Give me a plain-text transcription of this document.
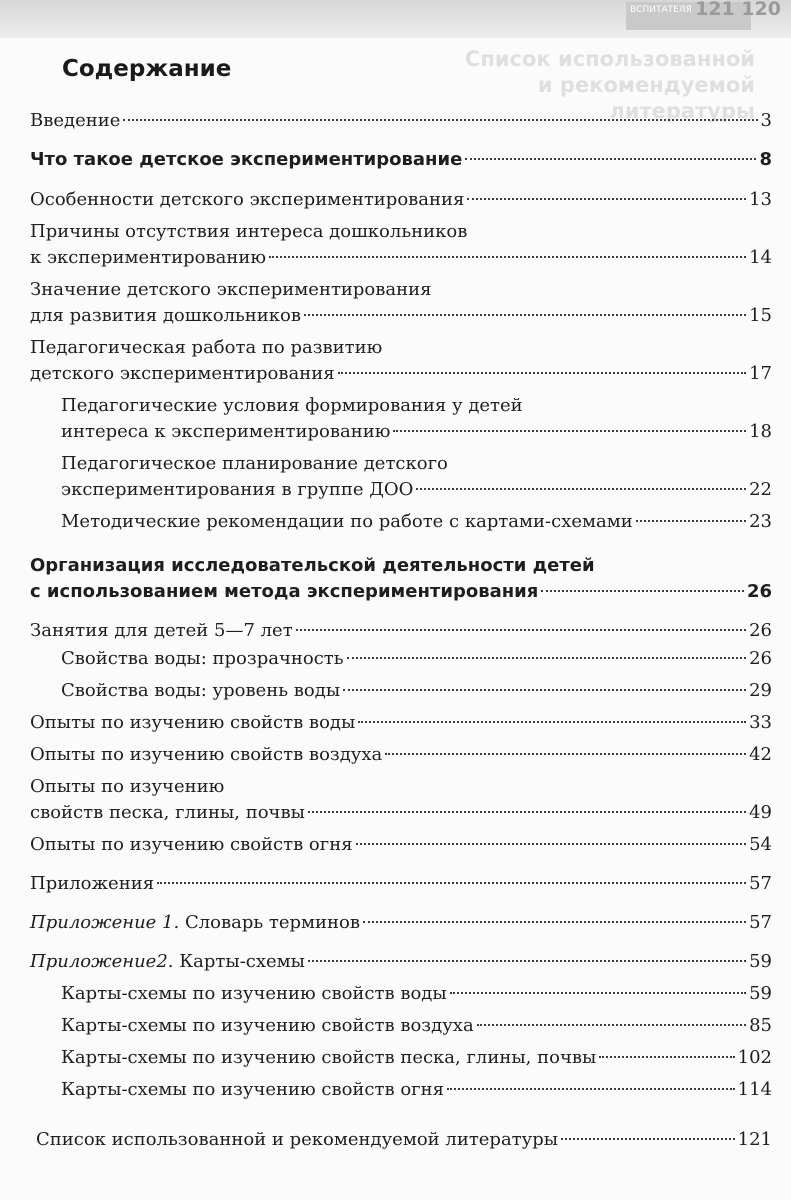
ВСПИТАТЕЛЯ 121 120
Список использованной и рекомендуемой литературы
Содержание
Введение	3
Что такое детское экспериментирование	8
Особенности детского экспериментирования	13
Причины отсутствия интереса дошкольников
к экспериментированию	14
Значение детского экспериментирования
для развития дошкольников	15
Педагогическая работа по развитию
детского экспериментирования	17
Педагогические условия формирования у детей
интереса к экспериментированию	18
Педагогическое планирование детского
экспериментирования в группе ДОО	22
Методические рекомендации по работе с картами-схемами	23
Организация исследовательской деятельности детей
с использованием метода экспериментирования	26
Занятия для детей 5—7 лет	26
Свойства воды: прозрачность	26
Свойства воды: уровень воды	29
Опыты по изучению свойств воды	33
Опыты по изучению свойств воздуха	42
Опыты по изучению
свойств песка, глины, почвы	49
Опыты по изучению свойств огня	54
Приложения	57
Приложение 1. Словарь терминов	57
Приложение2. Карты-схемы	59
Карты-схемы по изучению свойств воды	59
Карты-схемы по изучению свойств воздуха	85
Карты-схемы по изучению свойств песка, глины, почвы	102
Карты-схемы по изучению свойств огня	114
Список использованной и рекомендуемой литературы	121
